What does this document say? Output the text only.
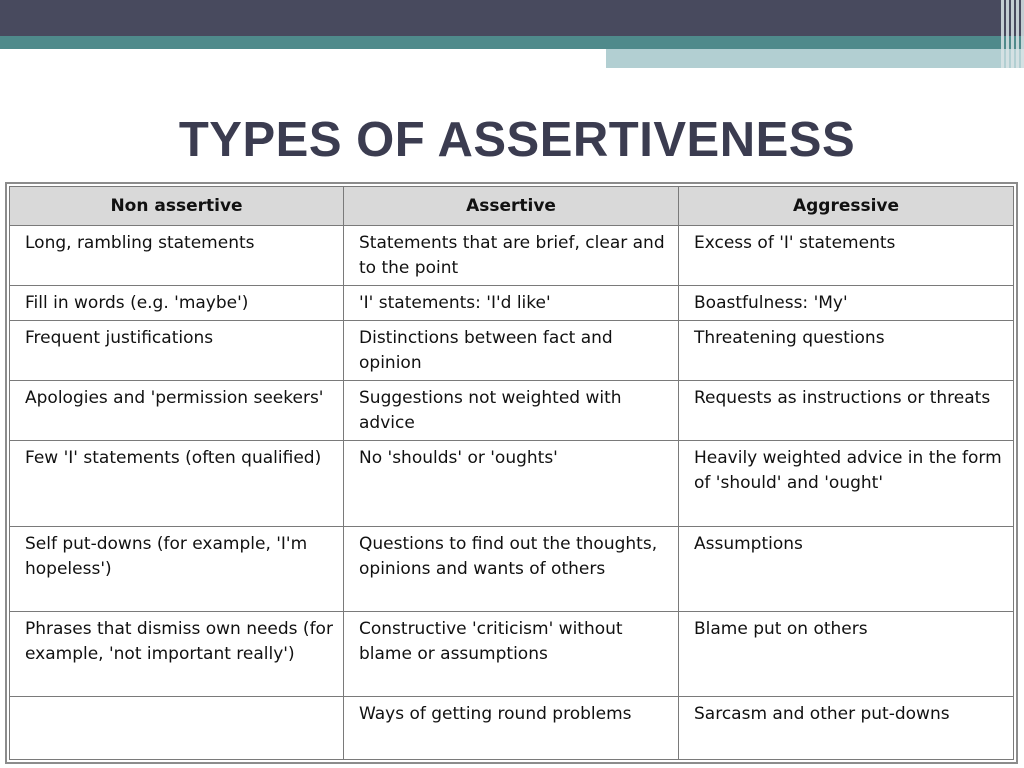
TYPES OF ASSERTIVENESS
Non assertive	Assertive	Aggressive
Long, rambling statements	Statements that are brief, clear and to the point	Excess of 'I' statements
Fill in words (e.g. 'maybe')	'I' statements: 'I'd like'	Boastfulness: 'My'
Frequent justifications	Distinctions between fact and opinion	Threatening questions
Apologies and 'permission seekers'	Suggestions not weighted with advice	Requests as instructions or threats
Few 'I' statements (often qualified)	No 'shoulds' or 'oughts'	Heavily weighted advice in the form of 'should' and 'ought'
Self put-downs (for example, 'I'm hopeless')	Questions to find out the thoughts, opinions and wants of others	Assumptions
Phrases that dismiss own needs (for example, 'not important really')	Constructive 'criticism' without blame or assumptions	Blame put on others
	Ways of getting round problems	Sarcasm and other put-downs
